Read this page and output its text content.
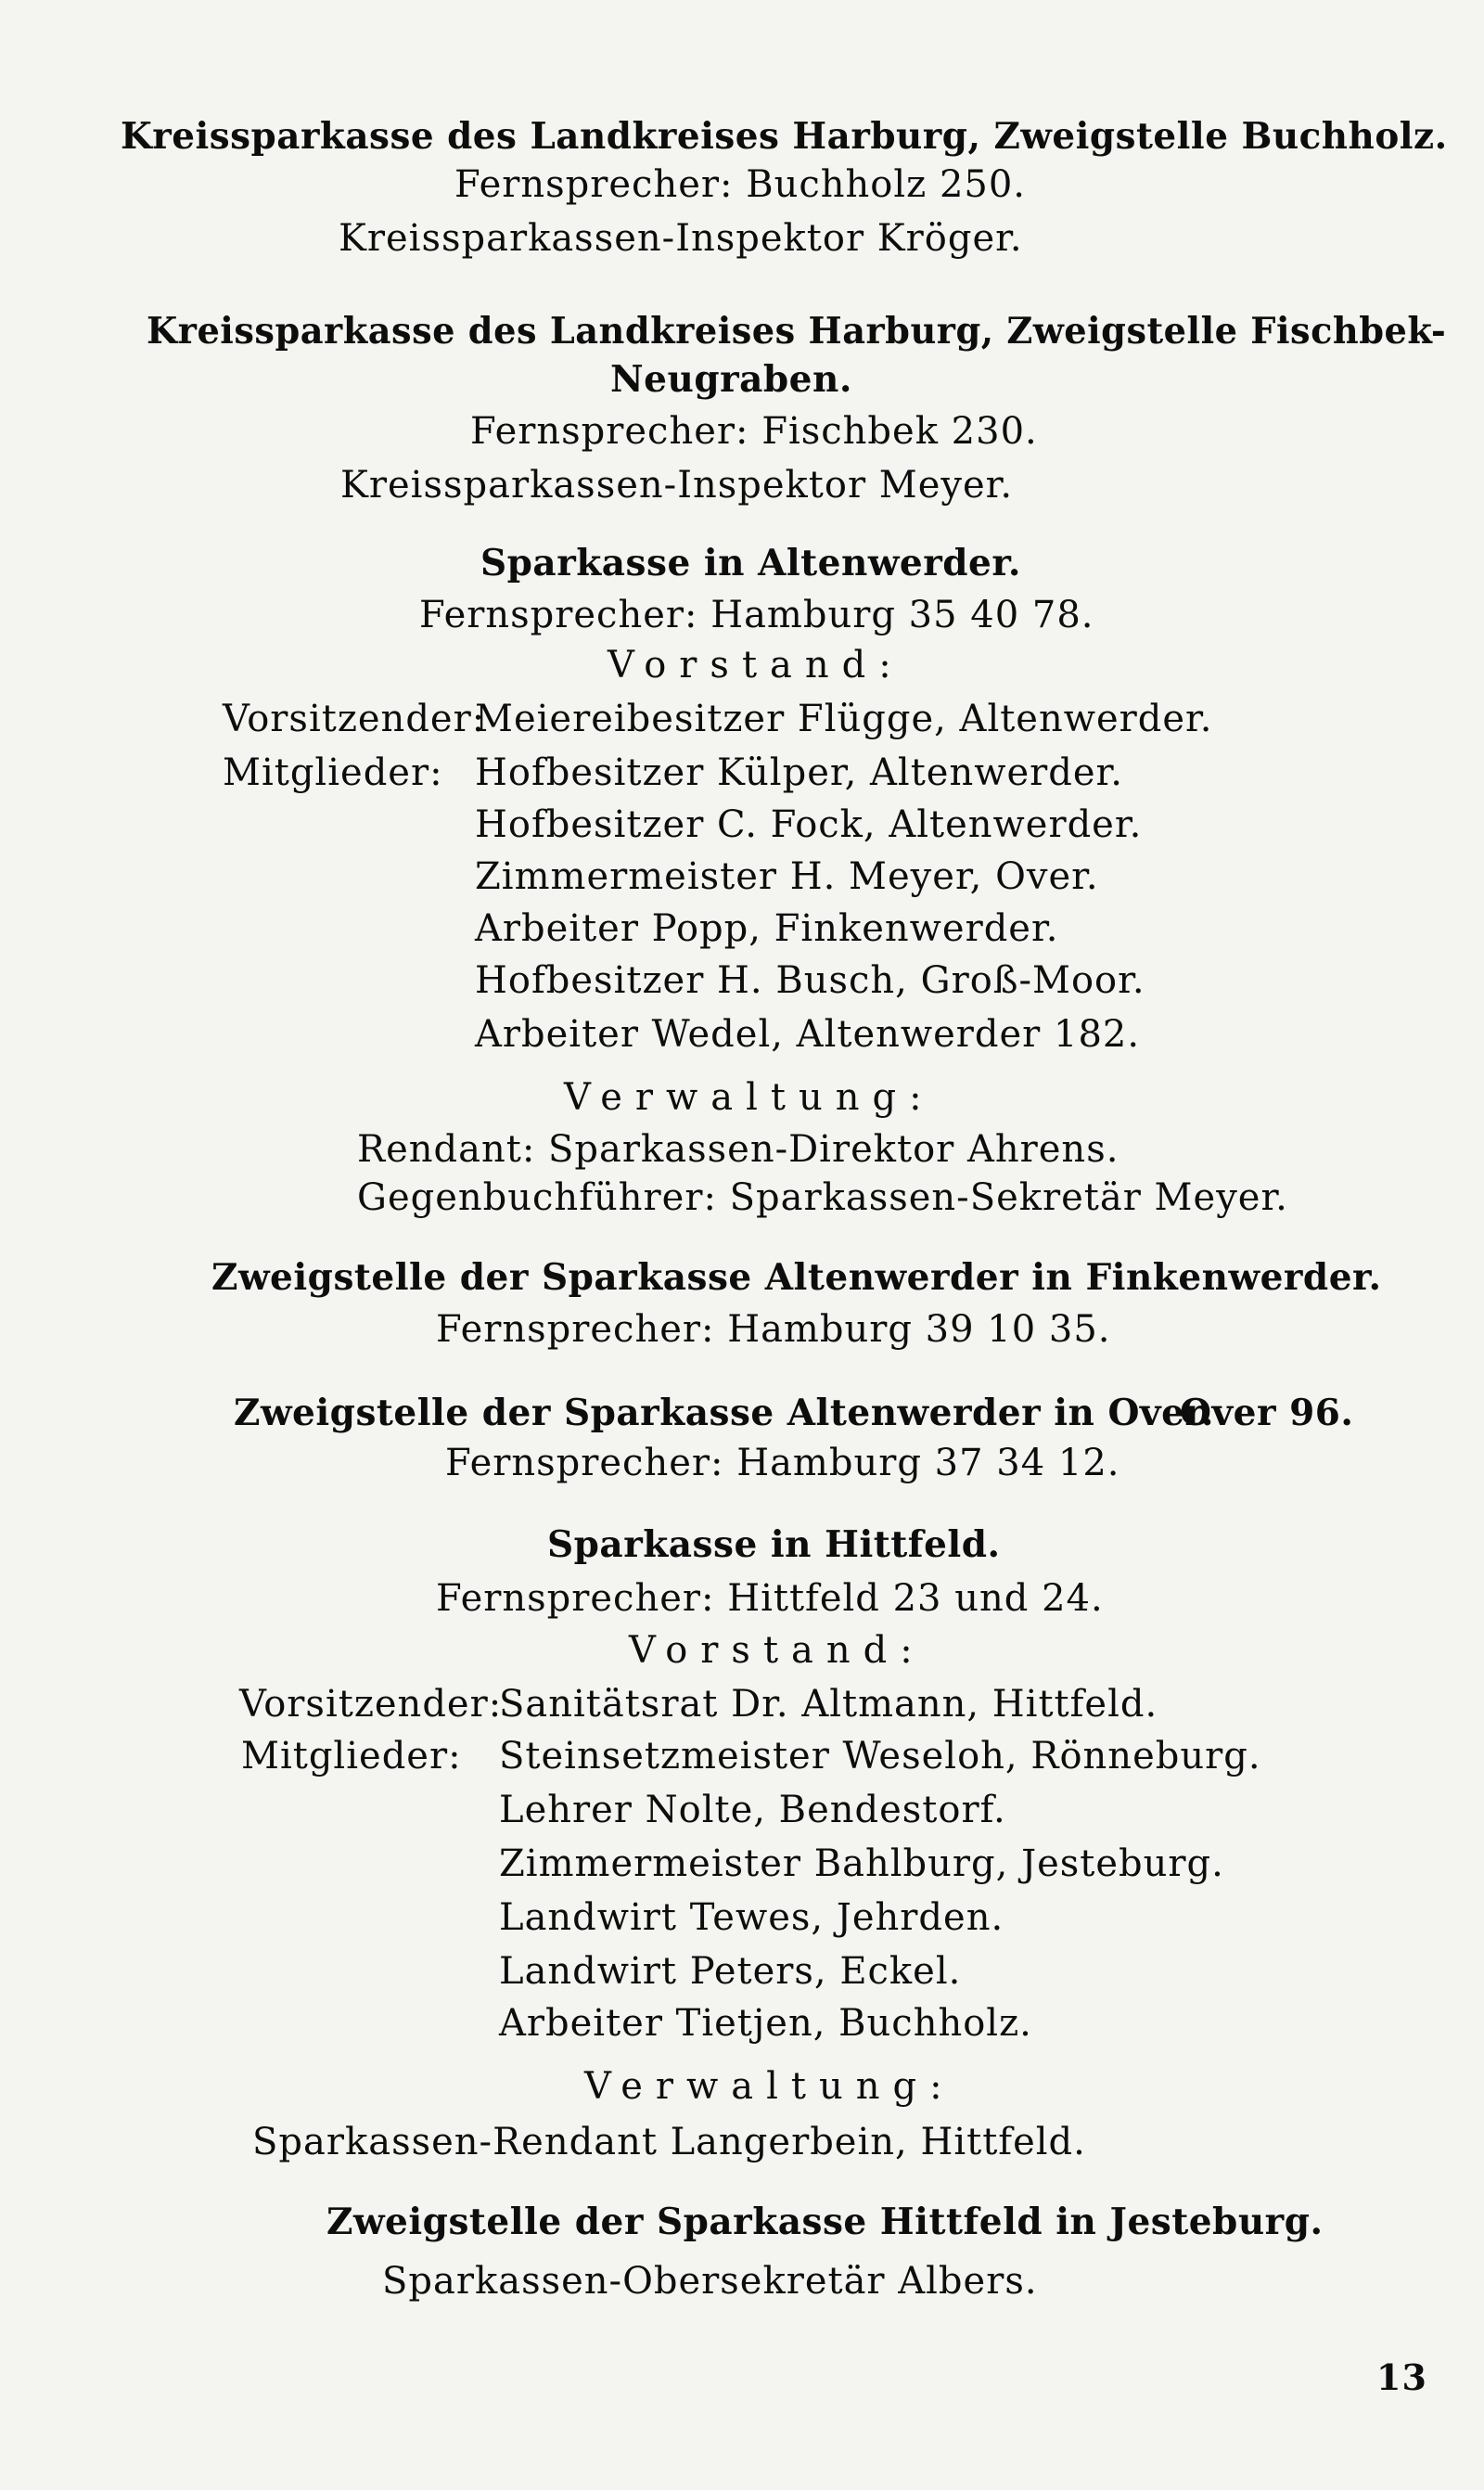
Kreissparkasse des Landkreises Harburg, Zweigstelle Buchholz.
Fernsprecher: Buchholz 250.
Kreissparkassen-Inspektor Kröger.
Kreissparkasse des Landkreises Harburg, Zweigstelle Fischbek-
Neugraben.
Fernsprecher: Fischbek 230.
Kreissparkassen-Inspektor Meyer.
Sparkasse in Altenwerder.
Fernsprecher: Hamburg 35 40 78.
Vorstand:
Vorsitzender:
Meiereibesitzer Flügge, Altenwerder.
Mitglieder: Hofbesitzer Külper, Altenwerder.
Hofbesitzer C. Fock, Altenwerder.
Zimmermeister H. Meyer, Over.
Arbeiter Popp, Finkenwerder.
Hofbesitzer H. Busch, Groß-Moor.
Arbeiter Wedel, Altenwerder 182.
Verwaltung:
Rendant: Sparkassen-Direktor Ahrens.
Gegenbuchführer: Sparkassen-Sekretär Meyer.
Zweigstelle der Sparkasse Altenwerder in Finkenwerder.
Fernsprecher: Hamburg 39 10 35.
Zweigstelle der Sparkasse Altenwerder in Over.
Over 96.
Fernsprecher: Hamburg 37 34 12.
Sparkasse in Hittfeld.
Fernsprecher: Hittfeld 23 und 24.
Vorstand:
Vorsitzender:
Sanitätsrat Dr. Altmann, Hittfeld.
Mitglieder: Steinsetzmeister Weseloh, Rönneburg.
Lehrer Nolte, Bendestorf.
Zimmermeister Bahlburg, Jesteburg.
Landwirt Tewes, Jehrden.
Landwirt Peters, Eckel.
Arbeiter Tietjen, Buchholz.
Verwaltung:
Sparkassen-Rendant Langerbein, Hittfeld.
Zweigstelle der Sparkasse Hittfeld in Jesteburg.
Sparkassen-Obersekretär Albers.
13
